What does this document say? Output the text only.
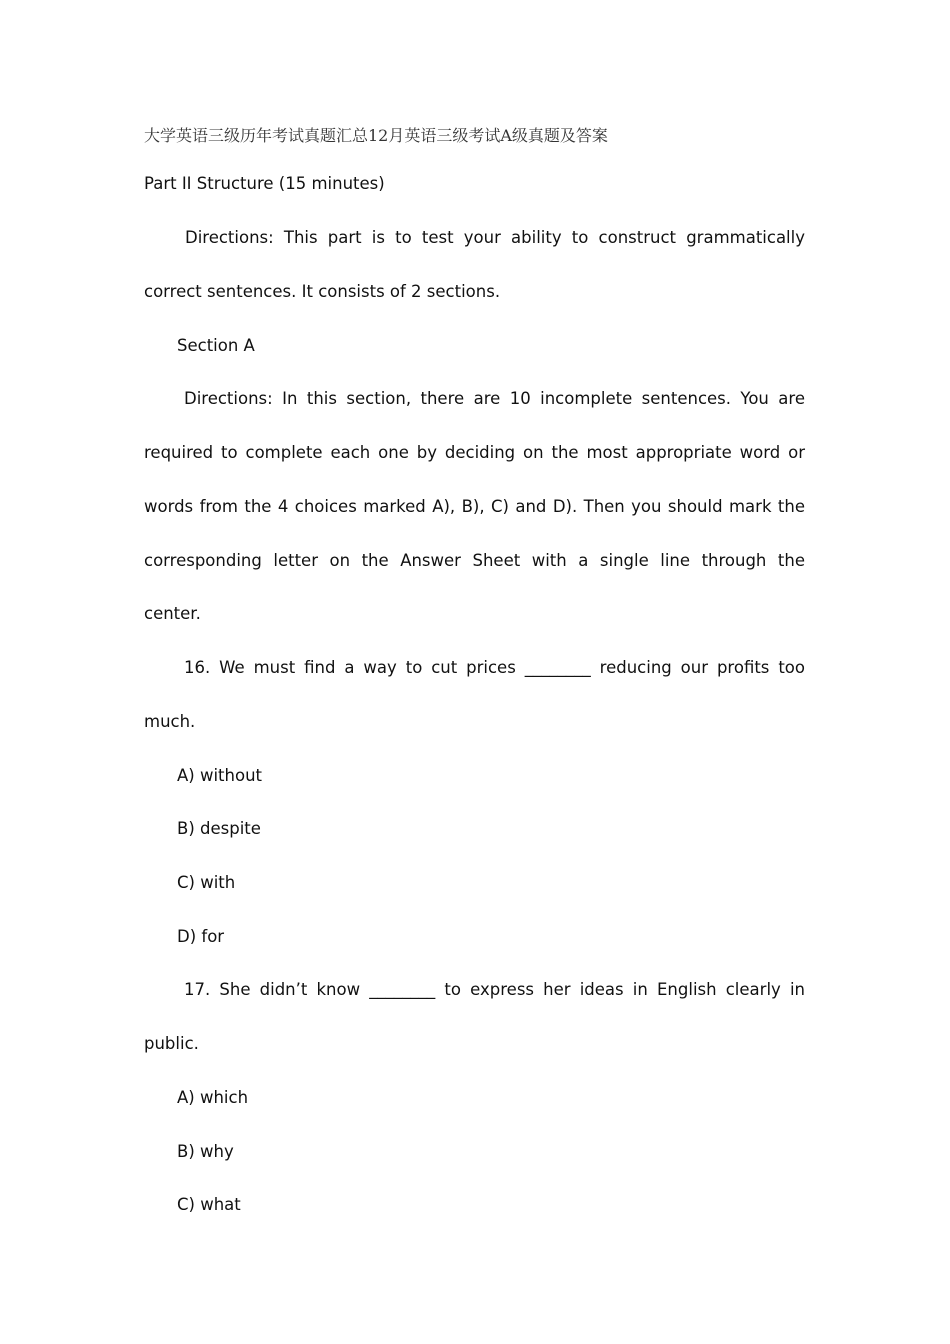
大学英语三级历年考试真题汇总12月英语三级考试A级真题及答案
Part II Structure (15 minutes)
Directions: This part is to test your ability to construct grammatically
correct sentences. It consists of 2 sections.
Section A
Directions: In this section, there are 10 incomplete sentences. You are
required to complete each one by deciding on the most appropriate word or
words from the 4 choices marked A), B), C) and D). Then you should mark the
corresponding letter on the Answer Sheet with a single line through the
center.
16. We must find a way to cut prices ________ reducing our profits too
much.
A) without
B) despite
C) with
D) for
17. She didn’t know ________ to express her ideas in English clearly in
public.
A) which
B) why
C) what
